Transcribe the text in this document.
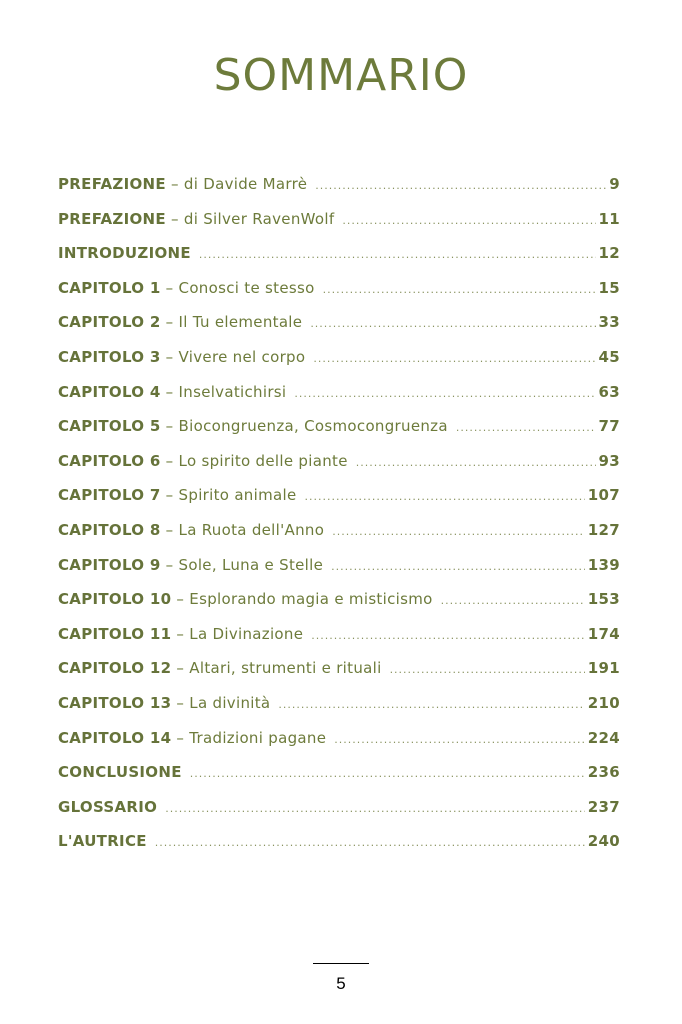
SOMMARIO
PREFAZIONE – di Davide Marrè .....	9
PREFAZIONE – di Silver RavenWolf .....	11
INTRODUZIONE .....	12
CAPITOLO 1 – Conosci te stesso .....	15
CAPITOLO 2 – Il Tu elementale .....	33
CAPITOLO 3 – Vivere nel corpo .....	45
CAPITOLO 4 – Inselvatichirsi .....	63
CAPITOLO 5 – Biocongruenza, Cosmocongruenza .....	77
CAPITOLO 6 – Lo spirito delle piante .....	93
CAPITOLO 7 – Spirito animale .....	107
CAPITOLO 8 – La Ruota dell'Anno .....	127
CAPITOLO 9 – Sole, Luna e Stelle .....	139
CAPITOLO 10 – Esplorando magia e misticismo .....	153
CAPITOLO 11 – La Divinazione .....	174
CAPITOLO 12 – Altari, strumenti e rituali .....	191
CAPITOLO 13 – La divinità .....	210
CAPITOLO 14 – Tradizioni pagane .....	224
CONCLUSIONE .....	236
GLOSSARIO .....	237
L'AUTRICE .....	240
5
